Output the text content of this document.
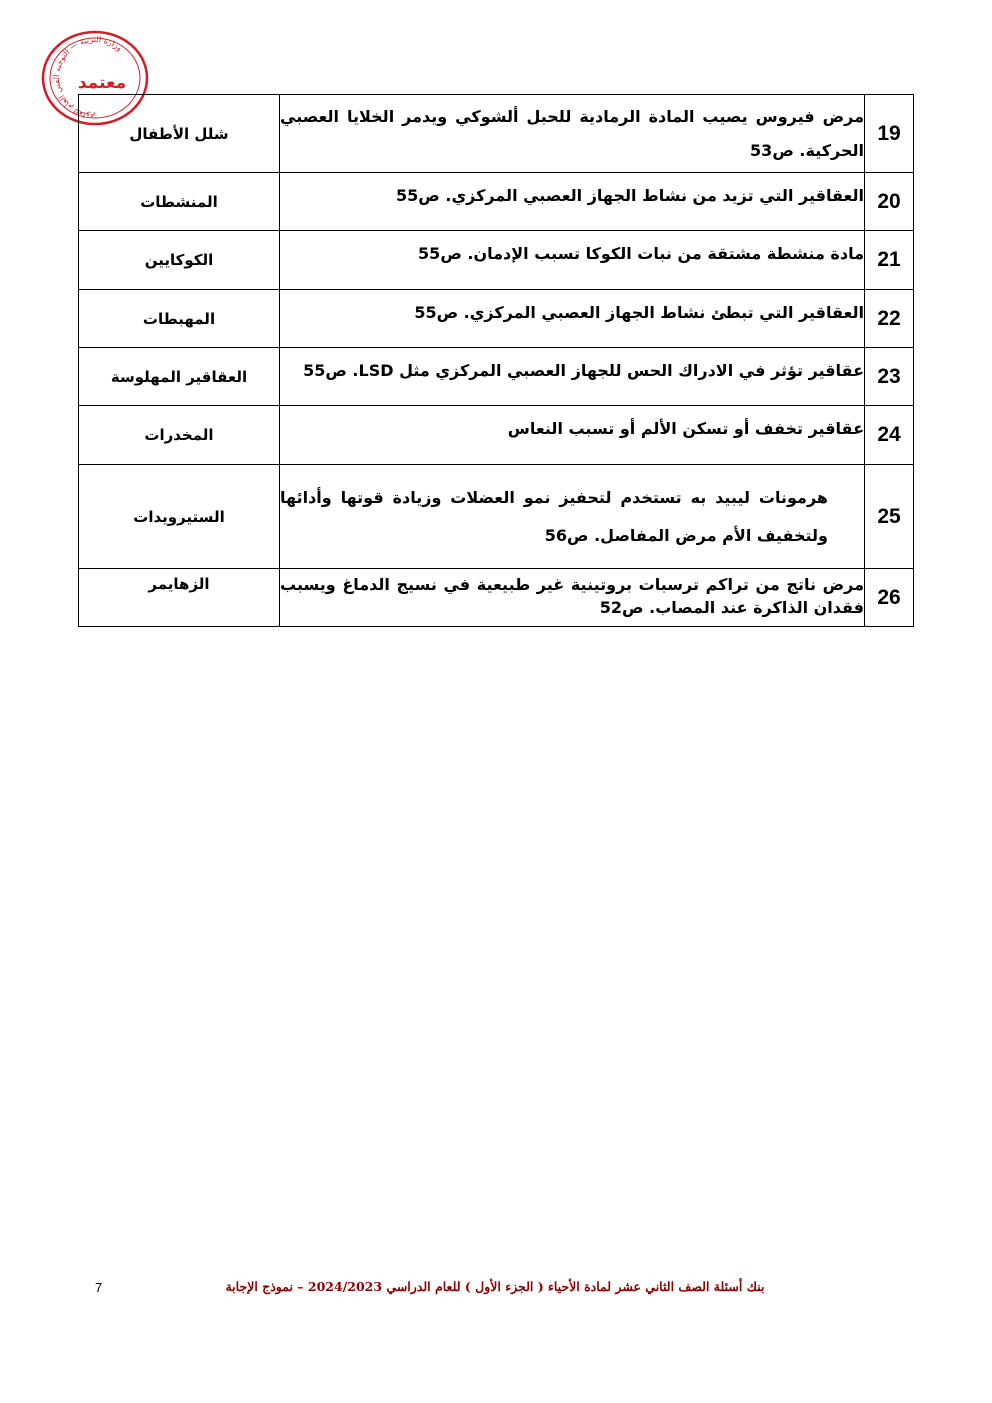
وزارة التربية — التوجيه الفني العام للعلوم
معتمد
19	مرض فيروس يصيب المادة الرمادية للحبل ألشوكي ويدمر الخلايا العصبي الحركية. ص53	شلل الأطفال
20	العقاقير التي تزيد من نشاط الجهاز العصبي المركزي. ص55	المنشطات
21	مادة منشطة مشتقة من نبات الكوكا تسبب الإدمان. ص55	الكوكايين
22	العقاقير التي تبطئ نشاط الجهاز العصبي المركزي. ص55	المهبطات
23	عقاقير تؤثر في الادراك الحس للجهاز العصبي المركزي مثل LSD. ص55	العقاقير المهلوسة
24	عقاقير تخفف أو تسكن الألم أو تسبب النعاس	المخدرات
25	هرمونات ليبيد به تستخدم لتحفيز نمو العضلات وزيادة قوتها وأدائها ولتخفيف الأم مرض المفاصل. ص56	الستيرويدات
26	مرض ناتج من تراكم ترسبات بروتينية غير طبيعية في نسيج الدماغ ويسبب فقدان الذاكرة عند المصاب. ص52	الزهايمر
بنك أسئلة الصف الثاني عشر لمادة الأحياء ( الجزء الأول ) للعام الدراسي 2024/2023 – نموذج الإجابة
7
